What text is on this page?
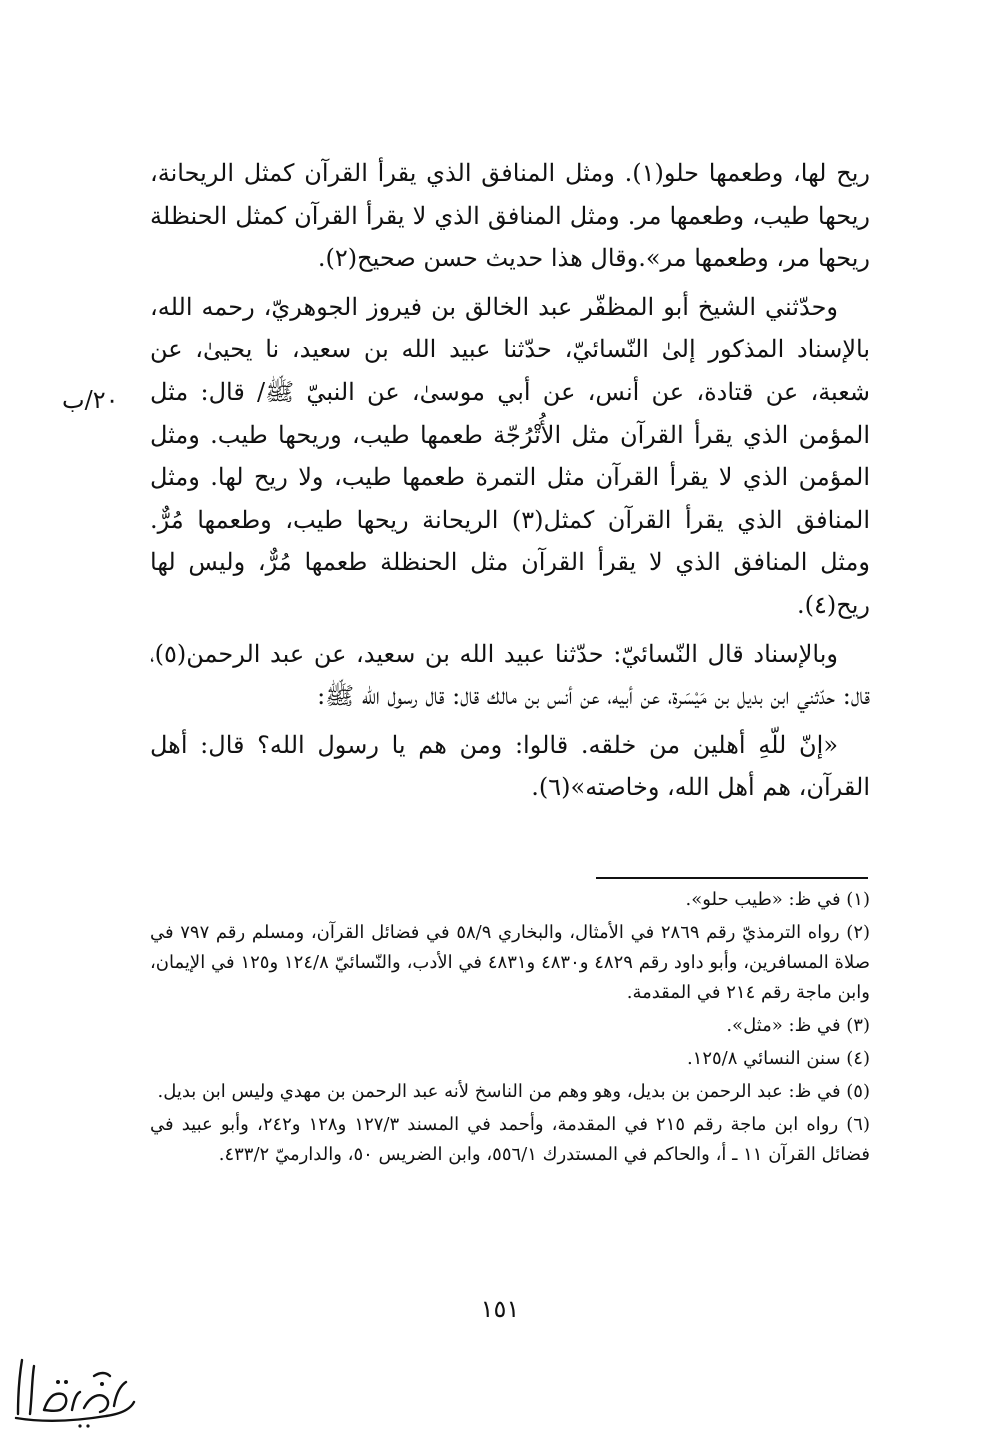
ريح لها، وطعمها حلو(١). ومثل المنافق الذي يقرأ القرآن كمثل الريحانة، ريحها طيب، وطعمها مر. ومثل المنافق الذي لا يقرأ القرآن كمثل الحنظلة ريحها مر، وطعمها مر».وقال هذا حديث حسن صحيح(٢).

وحدّثني الشيخ أبو المظفّر عبد الخالق بن فيروز الجوهريّ، رحمه الله، بالإسناد المذكور إلىٰ النّسائيّ، حدّثنا عبيد الله بن سعيد، نا يحيىٰ، عن شعبة، عن قتادة، عن أنس، عن أبي موسىٰ، عن النبيّ ﷺ/ قال: مثل المؤمن الذي يقرأ القرآن مثل الأُتْرُجّة طعمها طيب، وريحها طيب. ومثل المؤمن الذي لا يقرأ القرآن مثل التمرة طعمها طيب، ولا ريح لها. ومثل المنافق الذي يقرأ القرآن كمثل(٣) الريحانة ريحها طيب، وطعمها مُرٌّ. ومثل المنافق الذي لا يقرأ القرآن مثل الحنظلة طعمها مُرٌّ، وليس لها ريح(٤).

وبالإسناد قال النّسائيّ: حدّثنا عبيد الله بن سعيد، عن عبد الرحمن(٥)، قال: حدّثني ابن بديل بن مَيْسَرة، عن أبيه، عن أنس بن مالك قال: قال رسول الله ﷺ:

«إنّ للّهِ أهلين من خلقه. قالوا: ومن هم يا رسول الله؟ قال: أهل القرآن، هم أهل الله، وخاصته»(٦).

٢٠/ب

(١) في ظ: «طيب حلو».

(٢) رواه الترمذيّ رقم ٢٨٦٩ في الأمثال، والبخاري ٥٨/٩ في فضائل القرآن، ومسلم رقم ٧٩٧ في صلاة المسافرين، وأبو داود رقم ٤٨٢٩ و٤٨٣٠ و٤٨٣١ في الأدب، والنّسائيّ ١٢٤/٨ و١٢٥ في الإيمان، وابن ماجة رقم ٢١٤ في المقدمة.

(٣) في ظ: «مثل».

(٤) سنن النسائي ١٢٥/٨.

(٥) في ظ: عبد الرحمن بن بديل، وهو وهم من الناسخ لأنه عبد الرحمن بن مهدي وليس ابن بديل.

(٦) رواه ابن ماجة رقم ٢١٥ في المقدمة، وأحمد في المسند ١٢٧/٣ و١٢٨ و٢٤٢، وأبو عبيد في فضائل القرآن ١١ ـ أ، والحاكم في المستدرك ٥٥٦/١، وابن الضريس ٥٠، والدارميّ ٤٣٣/٢.

١٥١
